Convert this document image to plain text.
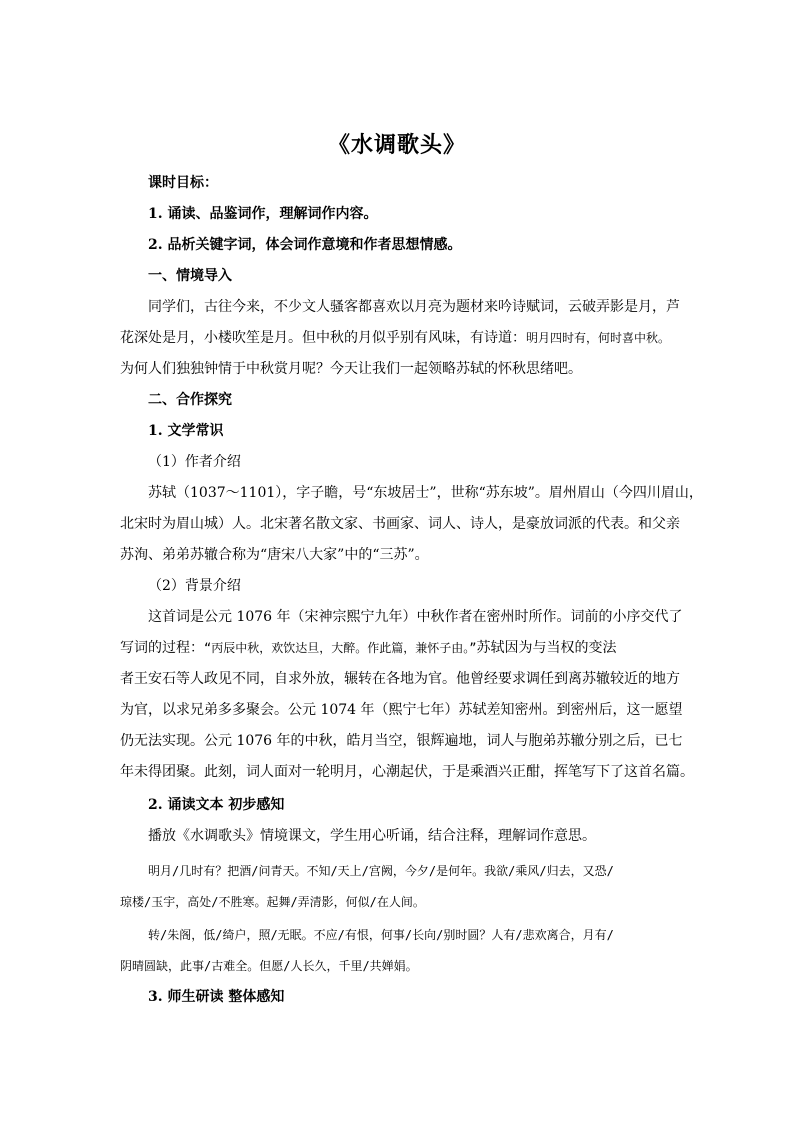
《水调歌头》
课时目标：
1. 诵读、品鉴词作，理解词作内容。
2. 品析关键字词，体会词作意境和作者思想情感。
一、情境导入
同学们，古往今来，不少文人骚客都喜欢以月亮为题材来吟诗赋词，云破弄影是月，芦
花深处是月，小楼吹笙是月。但中秋的月似乎别有风味，有诗道：明月四时有，何时喜中秋。
为何人们独独钟情于中秋赏月呢？今天让我们一起领略苏轼的怀秋思绪吧。
二、合作探究
1. 文学常识
（1）作者介绍
苏轼（1037～1101），字子瞻，号“东坡居士”，世称“苏东坡”。眉州眉山（今四川眉山，
北宋时为眉山城）人。北宋著名散文家、书画家、词人、诗人，是豪放词派的代表。和父亲
苏洵、弟弟苏辙合称为“唐宋八大家”中的“三苏”。
（2）背景介绍
这首词是公元 1076 年（宋神宗熙宁九年）中秋作者在密州时所作。词前的小序交代了
写词的过程：“丙辰中秋，欢饮达旦，大醉。作此篇，兼怀子由。”苏轼因为与当权的变法
者王安石等人政见不同，自求外放，辗转在各地为官。他曾经要求调任到离苏辙较近的地方
为官，以求兄弟多多聚会。公元 1074 年（熙宁七年）苏轼差知密州。到密州后，这一愿望
仍无法实现。公元 1076 年的中秋，皓月当空，银辉遍地，词人与胞弟苏辙分别之后，已七
年未得团聚。此刻，词人面对一轮明月，心潮起伏，于是乘酒兴正酣，挥笔写下了这首名篇。
2. 诵读文本 初步感知
播放《水调歌头》情境课文，学生用心听诵，结合注释，理解词作意思。
明月/几时有？把酒/问青天。不知/天上/宫阙，今夕/是何年。我欲/乘风/归去，又恐/
琼楼/玉宇，高处/不胜寒。起舞/弄清影，何似/在人间。
转/朱阁，低/绮户，照/无眠。不应/有恨，何事/长向/别时圆？人有/悲欢离合，月有/
阴晴圆缺，此事/古难全。但愿/人长久，千里/共婵娟。
3. 师生研读 整体感知
